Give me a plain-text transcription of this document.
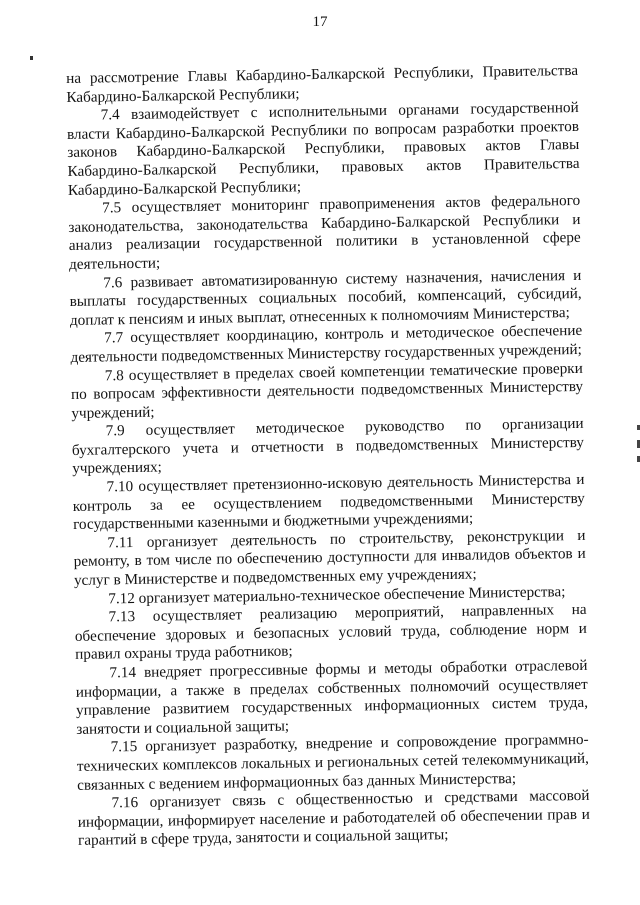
17

на рассмотрение Главы Кабардино-Балкарской Республики, Правительства Кабардино-Балкарской Республики;

7.4 взаимодействует с исполнительными органами государственной власти Кабардино-Балкарской Республики по вопросам разработки проектов законов Кабардино-Балкарской Республики, правовых актов Главы Кабардино-Балкарской Республики, правовых актов Правительства Кабардино-Балкарской Республики;

7.5 осуществляет мониторинг правоприменения актов федерального законодательства, законодательства Кабардино-Балкарской Республики и анализ реализации государственной политики в установленной сфере деятельности;

7.6 развивает автоматизированную систему назначения, начисления и выплаты государственных социальных пособий, компенсаций, субсидий, доплат к пенсиям и иных выплат, отнесенных к полномочиям Министерства;

7.7 осуществляет координацию, контроль и методическое обеспечение деятельности подведомственных Министерству государственных учреждений;

7.8 осуществляет в пределах своей компетенции тематические проверки по вопросам эффективности деятельности подведомственных Министерству учреждений;

7.9 осуществляет методическое руководство по организации бухгалтерского учета и отчетности в подведомственных Министерству учреждениях;

7.10 осуществляет претензионно-исковую деятельность Министерства и контроль за ее осуществлением подведомственными Министерству государственными казенными и бюджетными учреждениями;

7.11 организует деятельность по строительству, реконструкции и ремонту, в том числе по обеспечению доступности для инвалидов объектов и услуг в Министерстве и подведомственных ему учреждениях;

7.12 организует материально-техническое обеспечение Министерства;

7.13 осуществляет реализацию мероприятий, направленных на обеспечение здоровых и безопасных условий труда, соблюдение норм и правил охраны труда работников;

7.14 внедряет прогрессивные формы и методы обработки отраслевой информации, а также в пределах собственных полномочий осуществляет управление развитием государственных информационных систем труда, занятости и социальной защиты;

7.15 организует разработку, внедрение и сопровождение программно-технических комплексов локальных и региональных сетей телекоммуникаций, связанных с ведением информационных баз данных Министерства;

7.16 организует связь с общественностью и средствами массовой информации, информирует население и работодателей об обеспечении прав и гарантий в сфере труда, занятости и социальной защиты;
